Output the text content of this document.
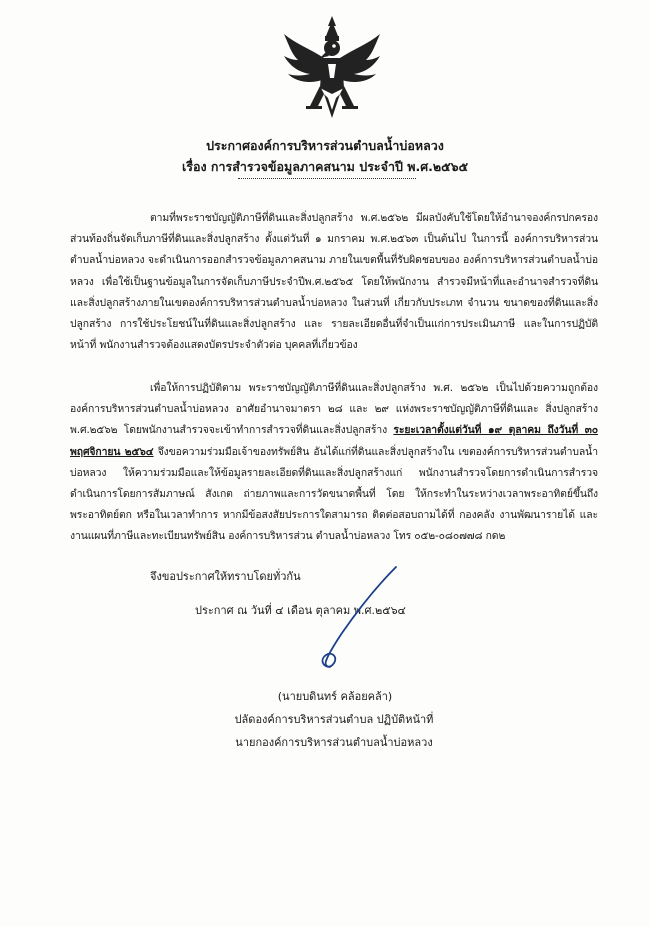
ประกาศองค์การบริหารส่วนตำบลน้ำบ่อหลวง
เรื่อง การสำรวจข้อมูลภาคสนาม ประจำปี พ.ศ.๒๕๖๕
ตามที่พระราชบัญญัติภาษีที่ดินและสิ่งปลูกสร้าง พ.ศ.๒๕๖๒ มีผลบังคับใช้โดยให้อำนาจองค์กรปกครองส่วนท้องถิ่นจัดเก็บภาษีที่ดินและสิ่งปลูกสร้าง ตั้งแต่วันที่ ๑ มกราคม พ.ศ.๒๕๖๓ เป็นต้นไป ในการนี้ องค์การบริหารส่วนตำบลน้ำบ่อหลวง จะดำเนินการออกสำรวจข้อมูลภาคสนาม ภายในเขตพื้นที่รับผิดชอบของ องค์การบริหารส่วนตำบลน้ำบ่อหลวง เพื่อใช้เป็นฐานข้อมูลในการจัดเก็บภาษีประจำปีพ.ศ.๒๕๖๕ โดยให้พนักงาน สำรวจมีหน้าที่และอำนาจสำรวจที่ดินและสิ่งปลูกสร้างภายในเขตองค์การบริหารส่วนตำบลน้ำบ่อหลวง ในส่วนที่ เกี่ยวกับประเภท จำนวน ขนาดของที่ดินและสิ่งปลูกสร้าง การใช้ประโยชน์ในที่ดินและสิ่งปลูกสร้าง และ รายละเอียดอื่นที่จำเป็นแก่การประเมินภาษี และในการปฏิบัติหน้าที่ พนักงานสำรวจต้องแสดงบัตรประจำตัวต่อ บุคคลที่เกี่ยวข้อง
เพื่อให้การปฏิบัติตาม พระราชบัญญัติภาษีที่ดินและสิ่งปลูกสร้าง พ.ศ. ๒๕๖๒ เป็นไปด้วยความถูกต้อง องค์การบริหารส่วนตำบลน้ำบ่อหลวง อาศัยอำนาจมาตรา ๒๘ และ ๒๙ แห่งพระราชบัญญัติภาษีที่ดินและ สิ่งปลูกสร้าง พ.ศ.๒๕๖๒ โดยพนักงานสำรวจจะเข้าทำการสำรวจที่ดินและสิ่งปลูกสร้าง ระยะเวลาตั้งแต่วันที่ ๑๙ ตุลาคม ถึงวันที่ ๓๐ พฤศจิกายน ๒๕๖๔ จึงขอความร่วมมือเจ้าของทรัพย์สิน อันได้แก่ที่ดินและสิ่งปลูกสร้างใน เขตองค์การบริหารส่วนตำบลน้ำบ่อหลวง ให้ความร่วมมือและให้ข้อมูลรายละเอียดที่ดินและสิ่งปลูกสร้างแก่ พนักงานสำรวจโดยการดำเนินการสำรวจดำเนินการโดยการสัมภาษณ์ สังเกต ถ่ายภาพและการวัดขนาดพื้นที่ โดย ให้กระทำในระหว่างเวลาพระอาทิตย์ขึ้นถึงพระอาทิตย์ตก หรือในเวลาทำการ หากมีข้อสงสัยประการใดสามารถ ติดต่อสอบถามได้ที่ กองคลัง งานพัฒนารายได้ และ งานแผนที่ภาษีและทะเบียนทรัพย์สิน องค์การบริหารส่วน ตำบลน้ำบ่อหลวง โทร ๐๕๒-๐๘๐๗๗๘ กด๒
จึงขอประกาศให้ทราบโดยทั่วกัน
ประกาศ ณ วันที่ ๔ เดือน ตุลาคม พ.ศ.๒๕๖๔
(นายบดินทร์ คล้อยคล้า)
ปลัดองค์การบริหารส่วนตำบล ปฏิบัติหน้าที่
นายกองค์การบริหารส่วนตำบลน้ำบ่อหลวง
